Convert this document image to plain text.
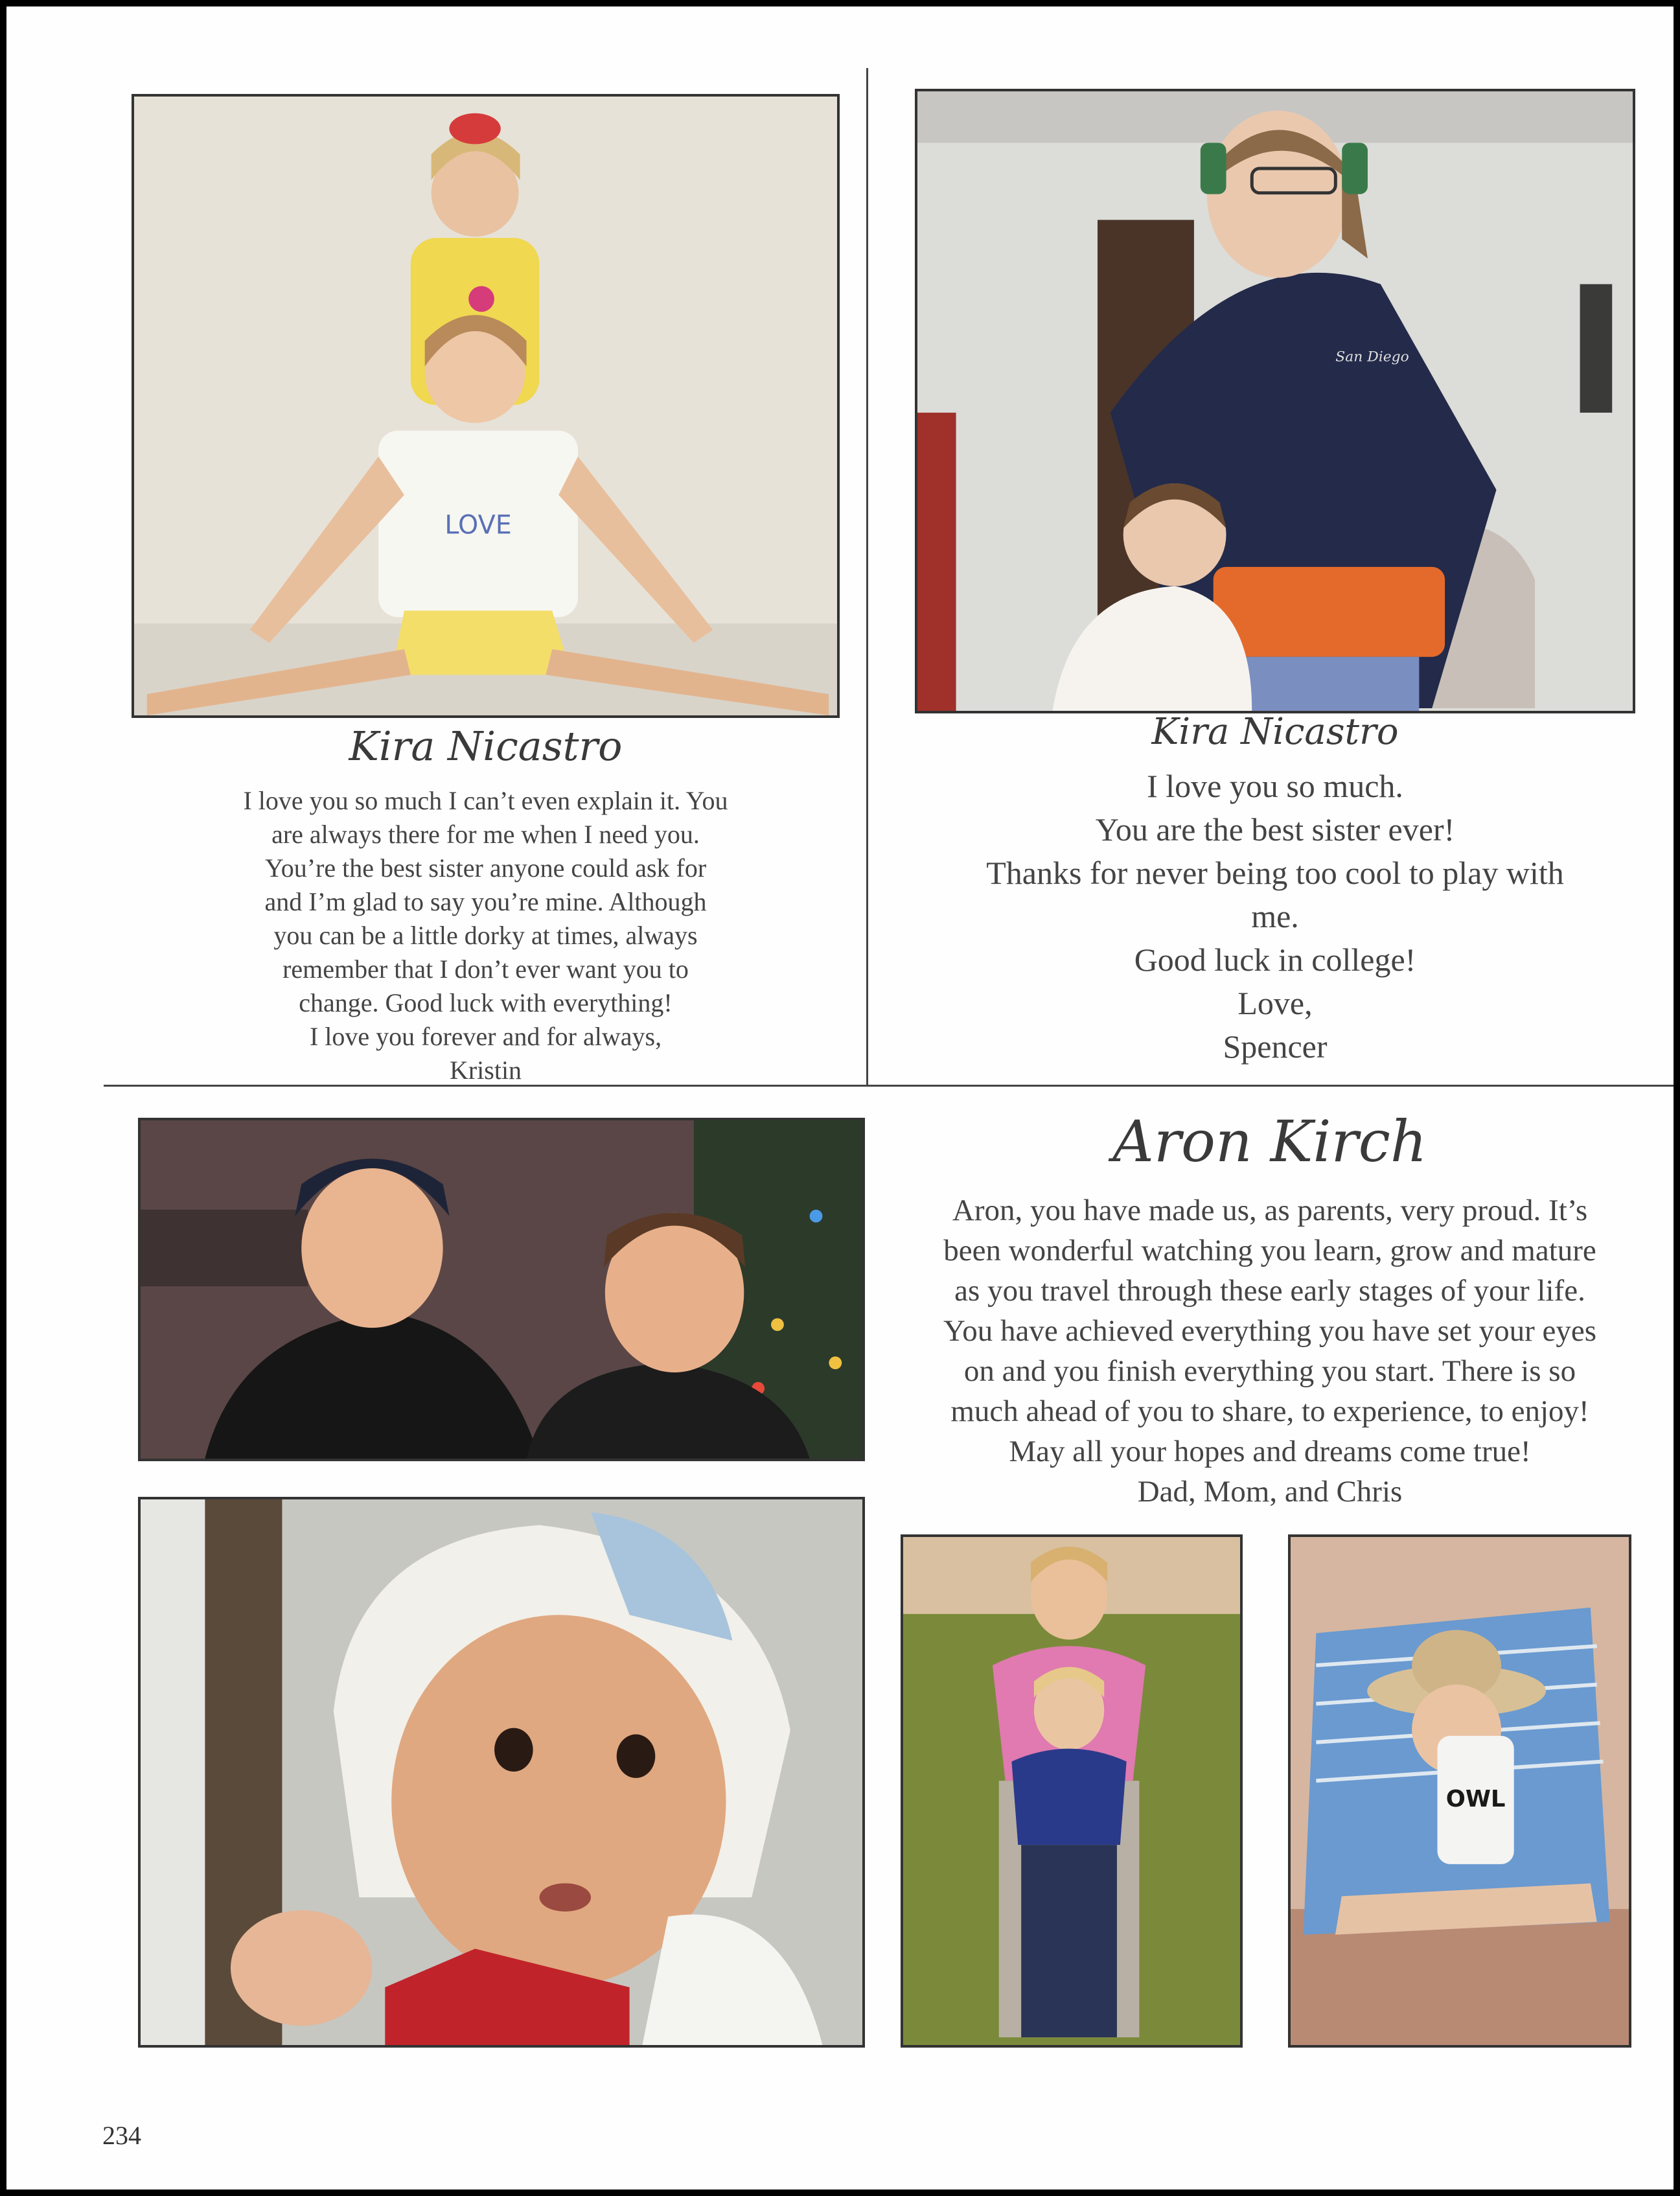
LOVE
San Diego
Kira Nicastro
I love you so much I can’t even explain it. You
are always there for me when I need you.
You’re the best sister anyone could ask for
and I’m glad to say you’re mine. Although
you can be a little dorky at times, always
remember that I don’t ever want you to
change. Good luck with everything!
I love you forever and for always,
Kristin
Kira Nicastro
I love you so much.
You are the best sister ever!
Thanks for never being too cool to play with
me.
Good luck in college!
Love,
Spencer
Aron Kirch
Aron, you have made us, as parents, very proud. It’s
been wonderful watching you learn, grow and mature
as you travel through these early stages of your life.
You have achieved everything you have set your eyes
on and you finish everything you start. There is so
much ahead of you to share, to experience, to enjoy!
May all your hopes and dreams come true!
Dad, Mom, and Chris
OWL
234
